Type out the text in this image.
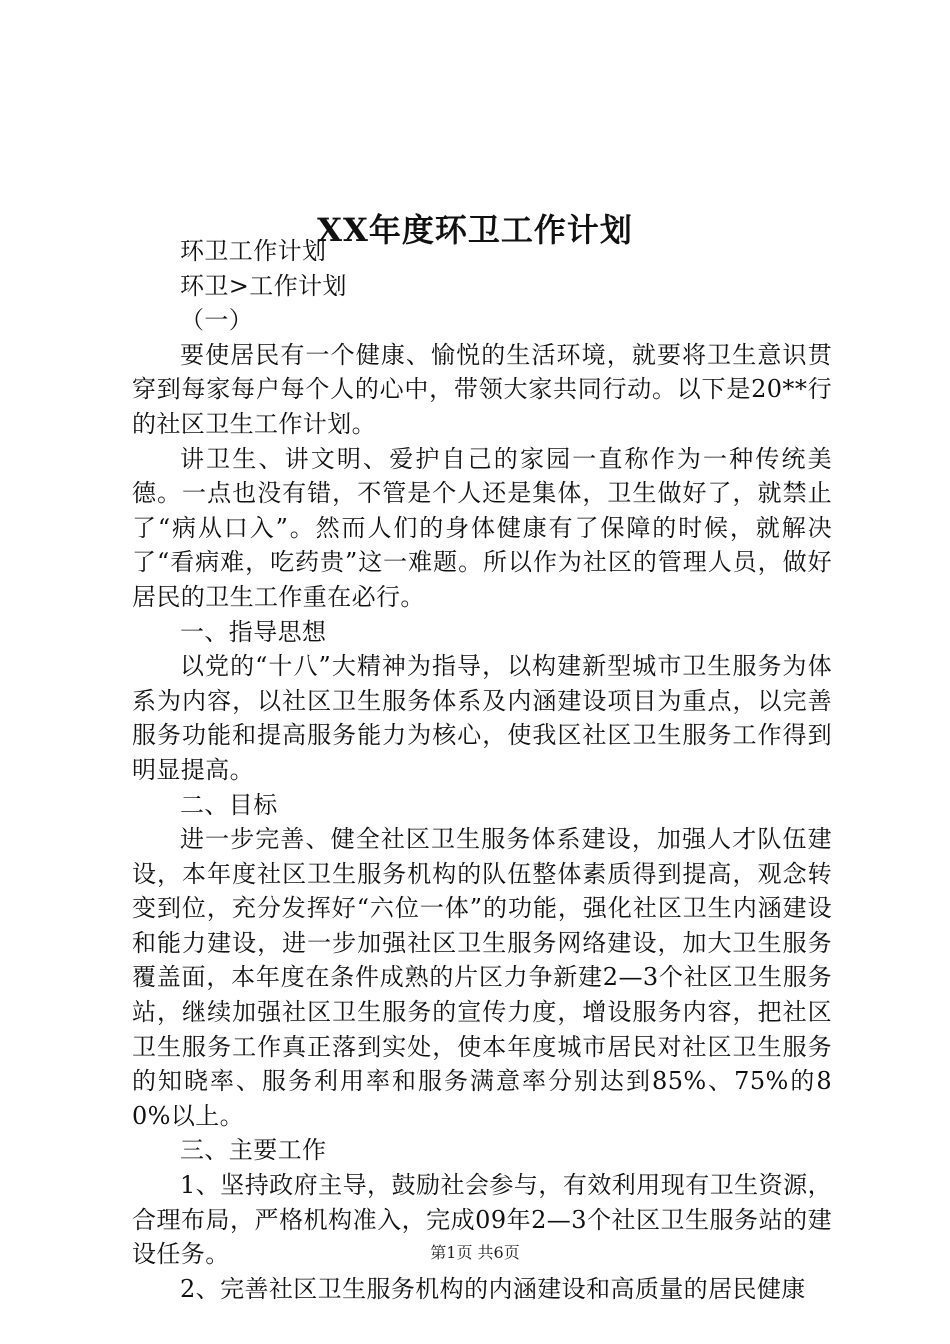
XX年度环卫工作计划

环卫工作计划

环卫>工作计划

（一）

要使居民有一个健康、愉悦的生活环境，就要将卫生意识贯穿到每家每户每个人的心中，带领大家共同行动。以下是20**行的社区卫生工作计划。

讲卫生、讲文明、爱护自己的家园一直称作为一种传统美德。一点也没有错，不管是个人还是集体，卫生做好了，就禁止了“病从口入”。然而人们的身体健康有了保障的时候，就解决了“看病难，吃药贵”这一难题。所以作为社区的管理人员，做好居民的卫生工作重在必行。

一、指导思想

以党的“十八”大精神为指导，以构建新型城市卫生服务为体系为内容，以社区卫生服务体系及内涵建设项目为重点，以完善服务功能和提高服务能力为核心，使我区社区卫生服务工作得到明显提高。

二、目标

进一步完善、健全社区卫生服务体系建设，加强人才队伍建设，本年度社区卫生服务机构的队伍整体素质得到提高，观念转变到位，充分发挥好“六位一体”的功能，强化社区卫生内涵建设和能力建设，进一步加强社区卫生服务网络建设，加大卫生服务覆盖面，本年度在条件成熟的片区力争新建2—3个社区卫生服务站，继续加强社区卫生服务的宣传力度，增设服务内容，把社区卫生服务工作真正落到实处，使本年度城市居民对社区卫生服务的知晓率、服务利用率和服务满意率分别达到85%、75%的80%以上。

三、主要工作

1、坚持政府主导，鼓励社会参与，有效利用现有卫生资源，合理布局，严格机构准入，完成09年2—3个社区卫生服务站的建设任务。

2、完善社区卫生服务机构的内涵建设和高质量的居民健康

第1页 共6页
